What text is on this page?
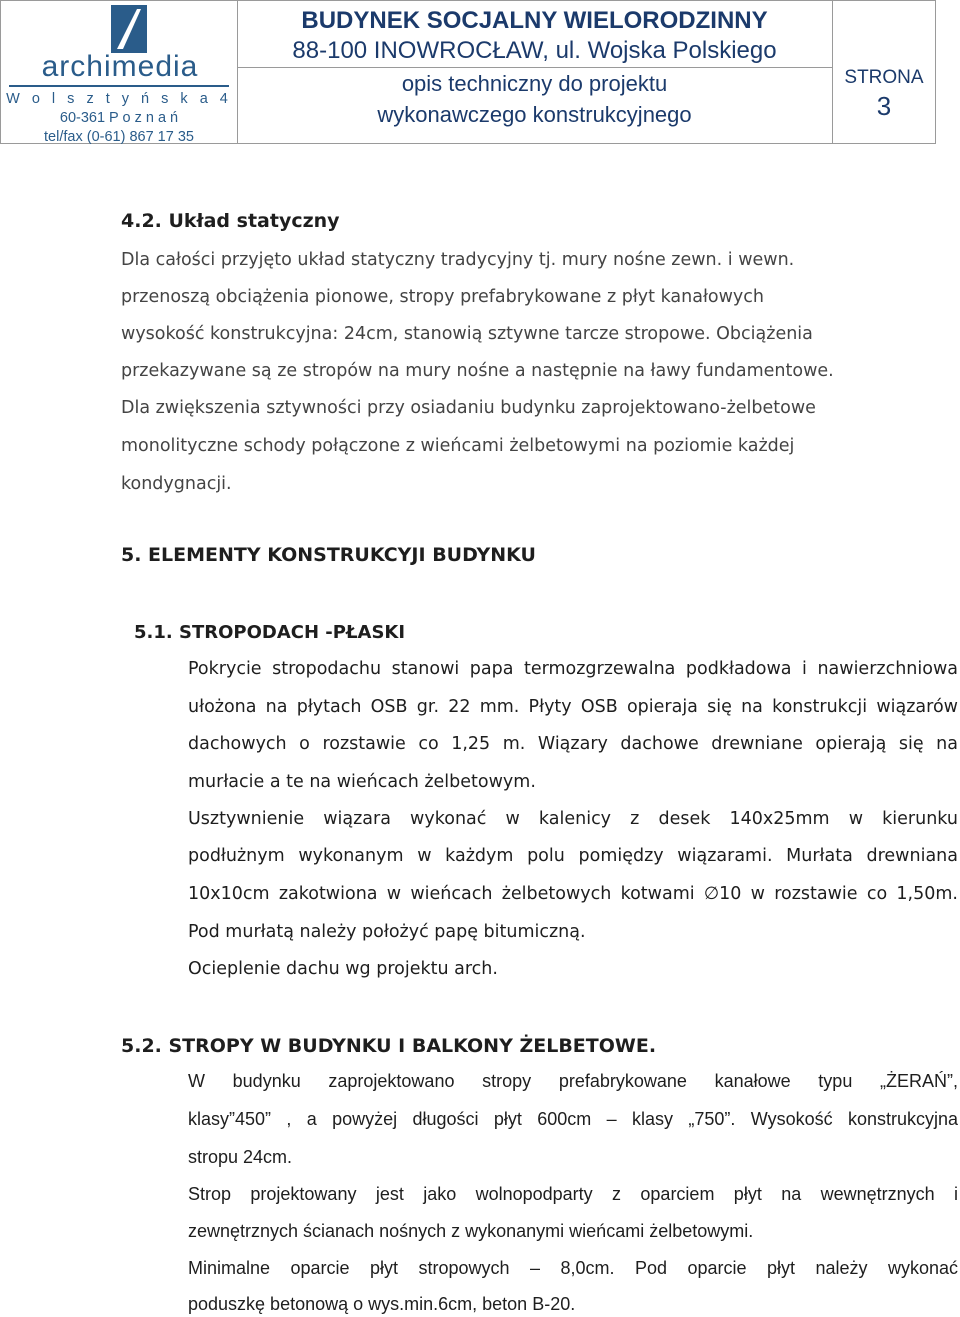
archimedia
W o l s z t y ń s k a 4
60-361 P o z n a ń
tel/fax (0-61) 867 17 35
BUDYNEK SOCJALNY WIELORODZINNY
88-100 INOWROCŁAW, ul. Wojska Polskiego
opis techniczny do projektu
wykonawczego konstrukcyjnego
STRONA
3
4.2. Układ statyczny
Dla całości przyjęto układ statyczny tradycyjny tj. mury nośne zewn. i wewn.
przenoszą obciążenia pionowe, stropy prefabrykowane z płyt kanałowych
wysokość konstrukcyjna: 24cm, stanowią sztywne tarcze stropowe. Obciążenia
przekazywane są ze stropów na mury nośne a następnie na ławy fundamentowe.
Dla zwiększenia sztywności przy osiadaniu budynku zaprojektowano-żelbetowe
monolityczne schody połączone z wieńcami żelbetowymi na poziomie każdej
kondygnacji.
5. ELEMENTY KONSTRUKCYJI BUDYNKU
5.1. STROPODACH -PŁASKI
Pokrycie stropodachu stanowi papa termozgrzewalna podkładowa i nawierzchniowa
ułożona na płytach OSB gr. 22 mm. Płyty OSB opieraja się na konstrukcji wiązarów
dachowych o rozstawie co 1,25 m. Wiązary dachowe drewniane opierają się na
murłacie a te na wieńcach żelbetowym.
Usztywnienie wiązara wykonać w kalenicy z desek 140x25mm w kierunku
podłużnym wykonanym w każdym polu pomiędzy wiązarami. Murłata drewniana
10x10cm zakotwiona w wieńcach żelbetowych kotwami ∅10 w rozstawie co 1,50m.
Pod murłatą należy położyć papę bitumiczną.
Ocieplenie dachu wg projektu arch.
5.2. STROPY W BUDYNKU I BALKONY ŻELBETOWE.
W budynku zaprojektowano stropy prefabrykowane kanałowe typu „ŻERAŃ”,
klasy”450” , a powyżej długości płyt 600cm – klasy „750”. Wysokość konstrukcyjna
stropu 24cm.
Strop projektowany jest jako wolnopodparty z oparciem płyt na wewnętrznych i
zewnętrznych ścianach nośnych z wykonanymi wieńcami żelbetowymi.
Minimalne oparcie płyt stropowych – 8,0cm. Pod oparcie płyt należy wykonać
poduszkę betonową o wys.min.6cm, beton B-20.
